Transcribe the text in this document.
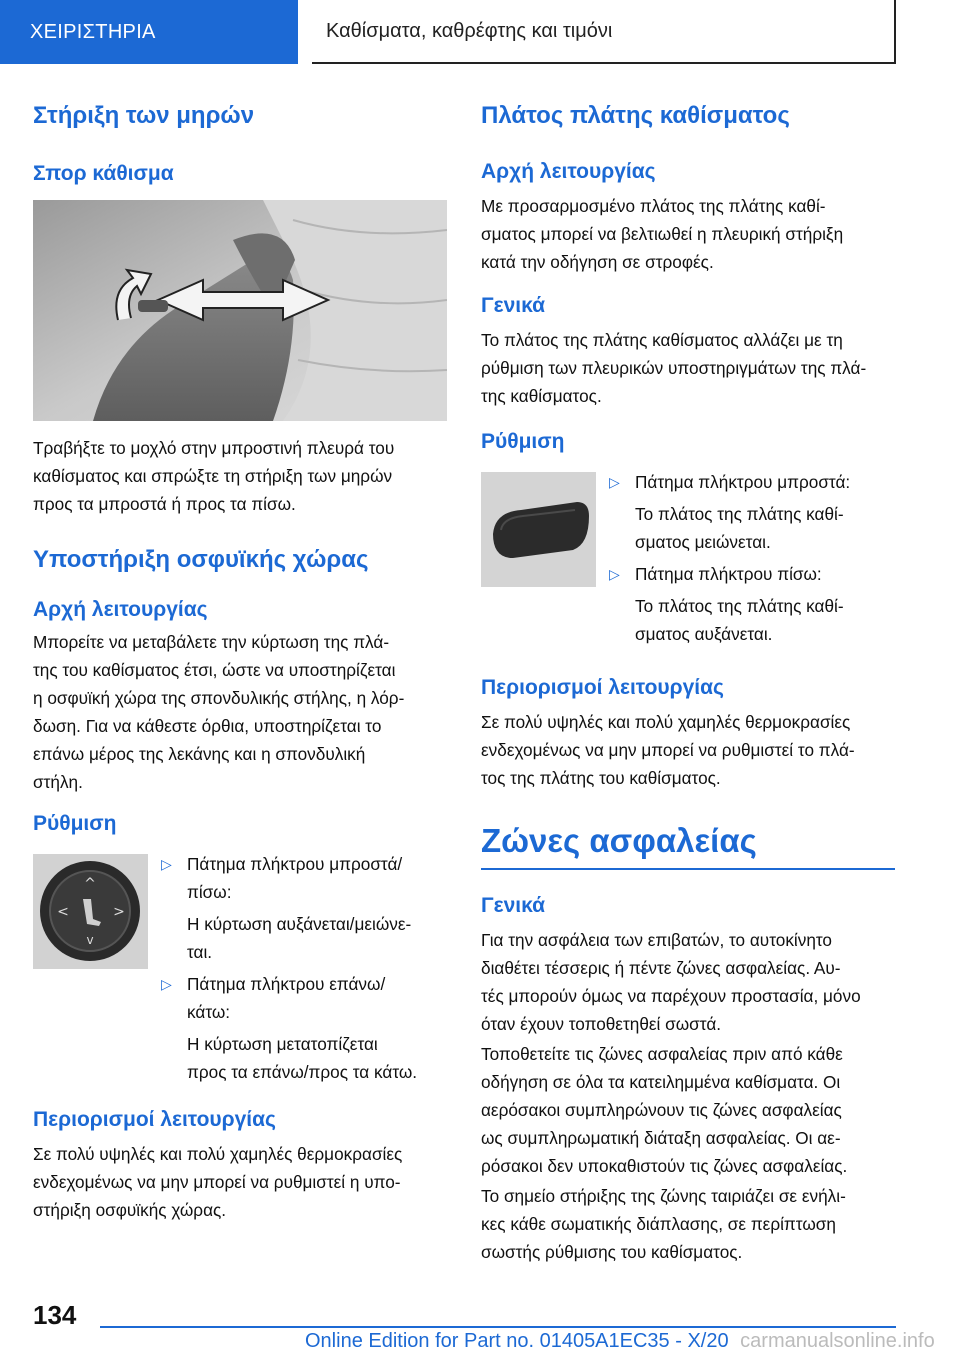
ΧΕΙΡΙΣΤΗΡΙΑ	Καθίσματα, καθρέφτης και τιμόνι
Στήριξη των μηρών
Σπορ κάθισμα

Τραβήξτε το μοχλό στην μπροστινή πλευρά του

καθίσματος και σπρώξτε τη στήριξη των μηρών

προς τα μπροστά ή προς τα πίσω.

Υποστήριξη οσφυϊκής χώρας
Αρχή λειτουργίας

Μπορείτε να μεταβάλετε την κύρτωση της πλά-

της του καθίσματος έτσι, ώστε να υποστηρίζεται

η οσφυϊκή χώρα της σπονδυλικής στήλης, η λόρ-

δωση. Για να κάθεστε όρθια, υποστηρίζεται το

επάνω μέρος της λεκάνης και η σπονδυλική

στήλη.

Ρύθμιση
^
v
<	>
▷ Πάτημα πλήκτρου μπροστά/
πίσω:
Η κύρτωση αυξάνεται/μειώνε-
ται.
▷ Πάτημα πλήκτρου επάνω/
κάτω:
Η κύρτωση μετατοπίζεται
προς τα επάνω/προς τα κάτω.
Περιορισμοί λειτουργίας

Σε πολύ υψηλές και πολύ χαμηλές θερμοκρασίες

ενδεχομένως να μην μπορεί να ρυθμιστεί η υπο-

στήριξη οσφυϊκής χώρας.

Πλάτος πλάτης καθίσματος
Αρχή λειτουργίας

Με προσαρμοσμένο πλάτος της πλάτης καθί-

σματος μπορεί να βελτιωθεί η πλευρική στήριξη

κατά την οδήγηση σε στροφές.

Γενικά

Το πλάτος της πλάτης καθίσματος αλλάζει με τη

ρύθμιση των πλευρικών υποστηριγμάτων της πλά-

της καθίσματος.

Ρύθμιση
▷ Πάτημα πλήκτρου μπροστά:
Το πλάτος της πλάτης καθί-
σματος μειώνεται.
▷ Πάτημα πλήκτρου πίσω:
Το πλάτος της πλάτης καθί-
σματος αυξάνεται.
Περιορισμοί λειτουργίας

Σε πολύ υψηλές και πολύ χαμηλές θερμοκρασίες

ενδεχομένως να μην μπορεί να ρυθμιστεί το πλά-

τος της πλάτης του καθίσματος.

Ζώνες ασφαλείας
Γενικά

Για την ασφάλεια των επιβατών, το αυτοκίνητο

διαθέτει τέσσερις ή πέντε ζώνες ασφαλείας. Αυ-

τές μπορούν όμως να παρέχουν προστασία, μόνο

όταν έχουν τοποθετηθεί σωστά.

Τοποθετείτε τις ζώνες ασφαλείας πριν από κάθε

οδήγηση σε όλα τα κατειλημμένα καθίσματα. Οι

αερόσακοι συμπληρώνουν τις ζώνες ασφαλείας

ως συμπληρωματική διάταξη ασφαλείας. Οι αε-

ρόσακοι δεν υποκαθιστούν τις ζώνες ασφαλείας.

Το σημείο στήριξης της ζώνης ταιριάζει σε ενήλι-

κες κάθε σωματικής διάπλασης, σε περίπτωση

σωστής ρύθμισης του καθίσματος.

134
Online Edition for Part no. 01405A1EC35 - X/20 carmanualsonline.info
